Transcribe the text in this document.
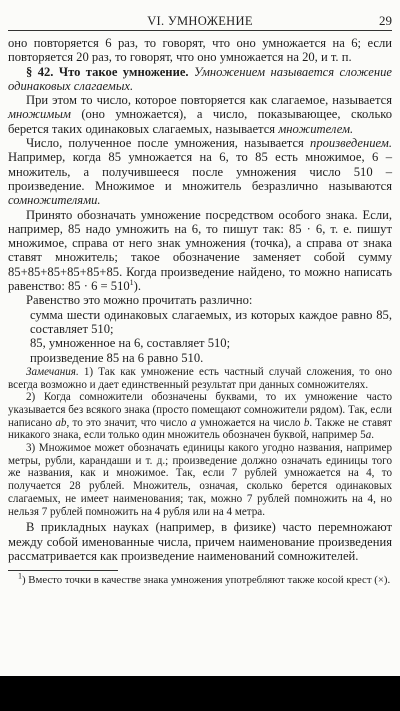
VI. УМНОЖЕНИЕ	29

оно повторяется 6 раз, то говорят, что оно умножается на 6; если повторяется 20 раз, то говорят, что оно умножается на 20, и т. п.

§ 42. Что такое умножение. Умножением называется сложение одинаковых слагаемых.

При этом то число, которое повторяется как слагаемое, называется множимым (оно умножается), а число, показывающее, сколько берется таких одинаковых слагаемых, называется множителем.

Число, полученное после умножения, называется произведением. Например, когда 85 умножается на 6, то 85 есть множимое, 6 – множитель, а получившееся после умножения число 510 – произведение. Множимое и множитель безразлично называются сомножителями.

Принято обозначать умножение посредством особого знака. Если, например, 85 надо умножить на 6, то пишут так: 85 · 6, т. е. пишут множимое, справа от него знак умножения (точка), а справа от знака ставят множитель; такое обозначение заменяет собой сумму 85+85+85+85+85+85. Когда произведение найдено, то можно написать равенство: $85 \cdot 6 = 510^1$).

Равенство это можно прочитать различно:

сумма шести одинаковых слагаемых, из которых каждое равно 85, составляет 510;
85, умноженное на 6, составляет 510;
произведение 85 на 6 равно 510.

Замечания. 1) Так как умножение есть частный случай сложения, то оно всегда возможно и дает единственный результат при данных сомножителях.

2) Когда сомножители обозначены буквами, то их умножение часто указывается без всякого знака (просто помещают сомножители рядом). Так, если написано ab, то это значит, что число a умножается на число b. Также не ставят никакого знака, если только один множитель обозначен буквой, например 5a.

3) Множимое может обозначать единицы какого угодно названия, например метры, рубли, карандаши и т. д.; произведение должно означать единицы того же названия, как и множимое. Так, если 7 рублей умножается на 4, то получается 28 рублей. Множитель, означая, сколько берется одинаковых слагаемых, не имеет наименования; так, можно 7 рублей помножить на 4, но нельзя 7 рублей помножить на 4 рубля или на 4 метра.

В прикладных науках (например, в физике) часто перемножают между собой именованные числа, причем наименование произведения рассматривается как произведение наименований сомножителей.

$^1$) Вместо точки в качестве знака умножения употребляют также косой крест (×).
